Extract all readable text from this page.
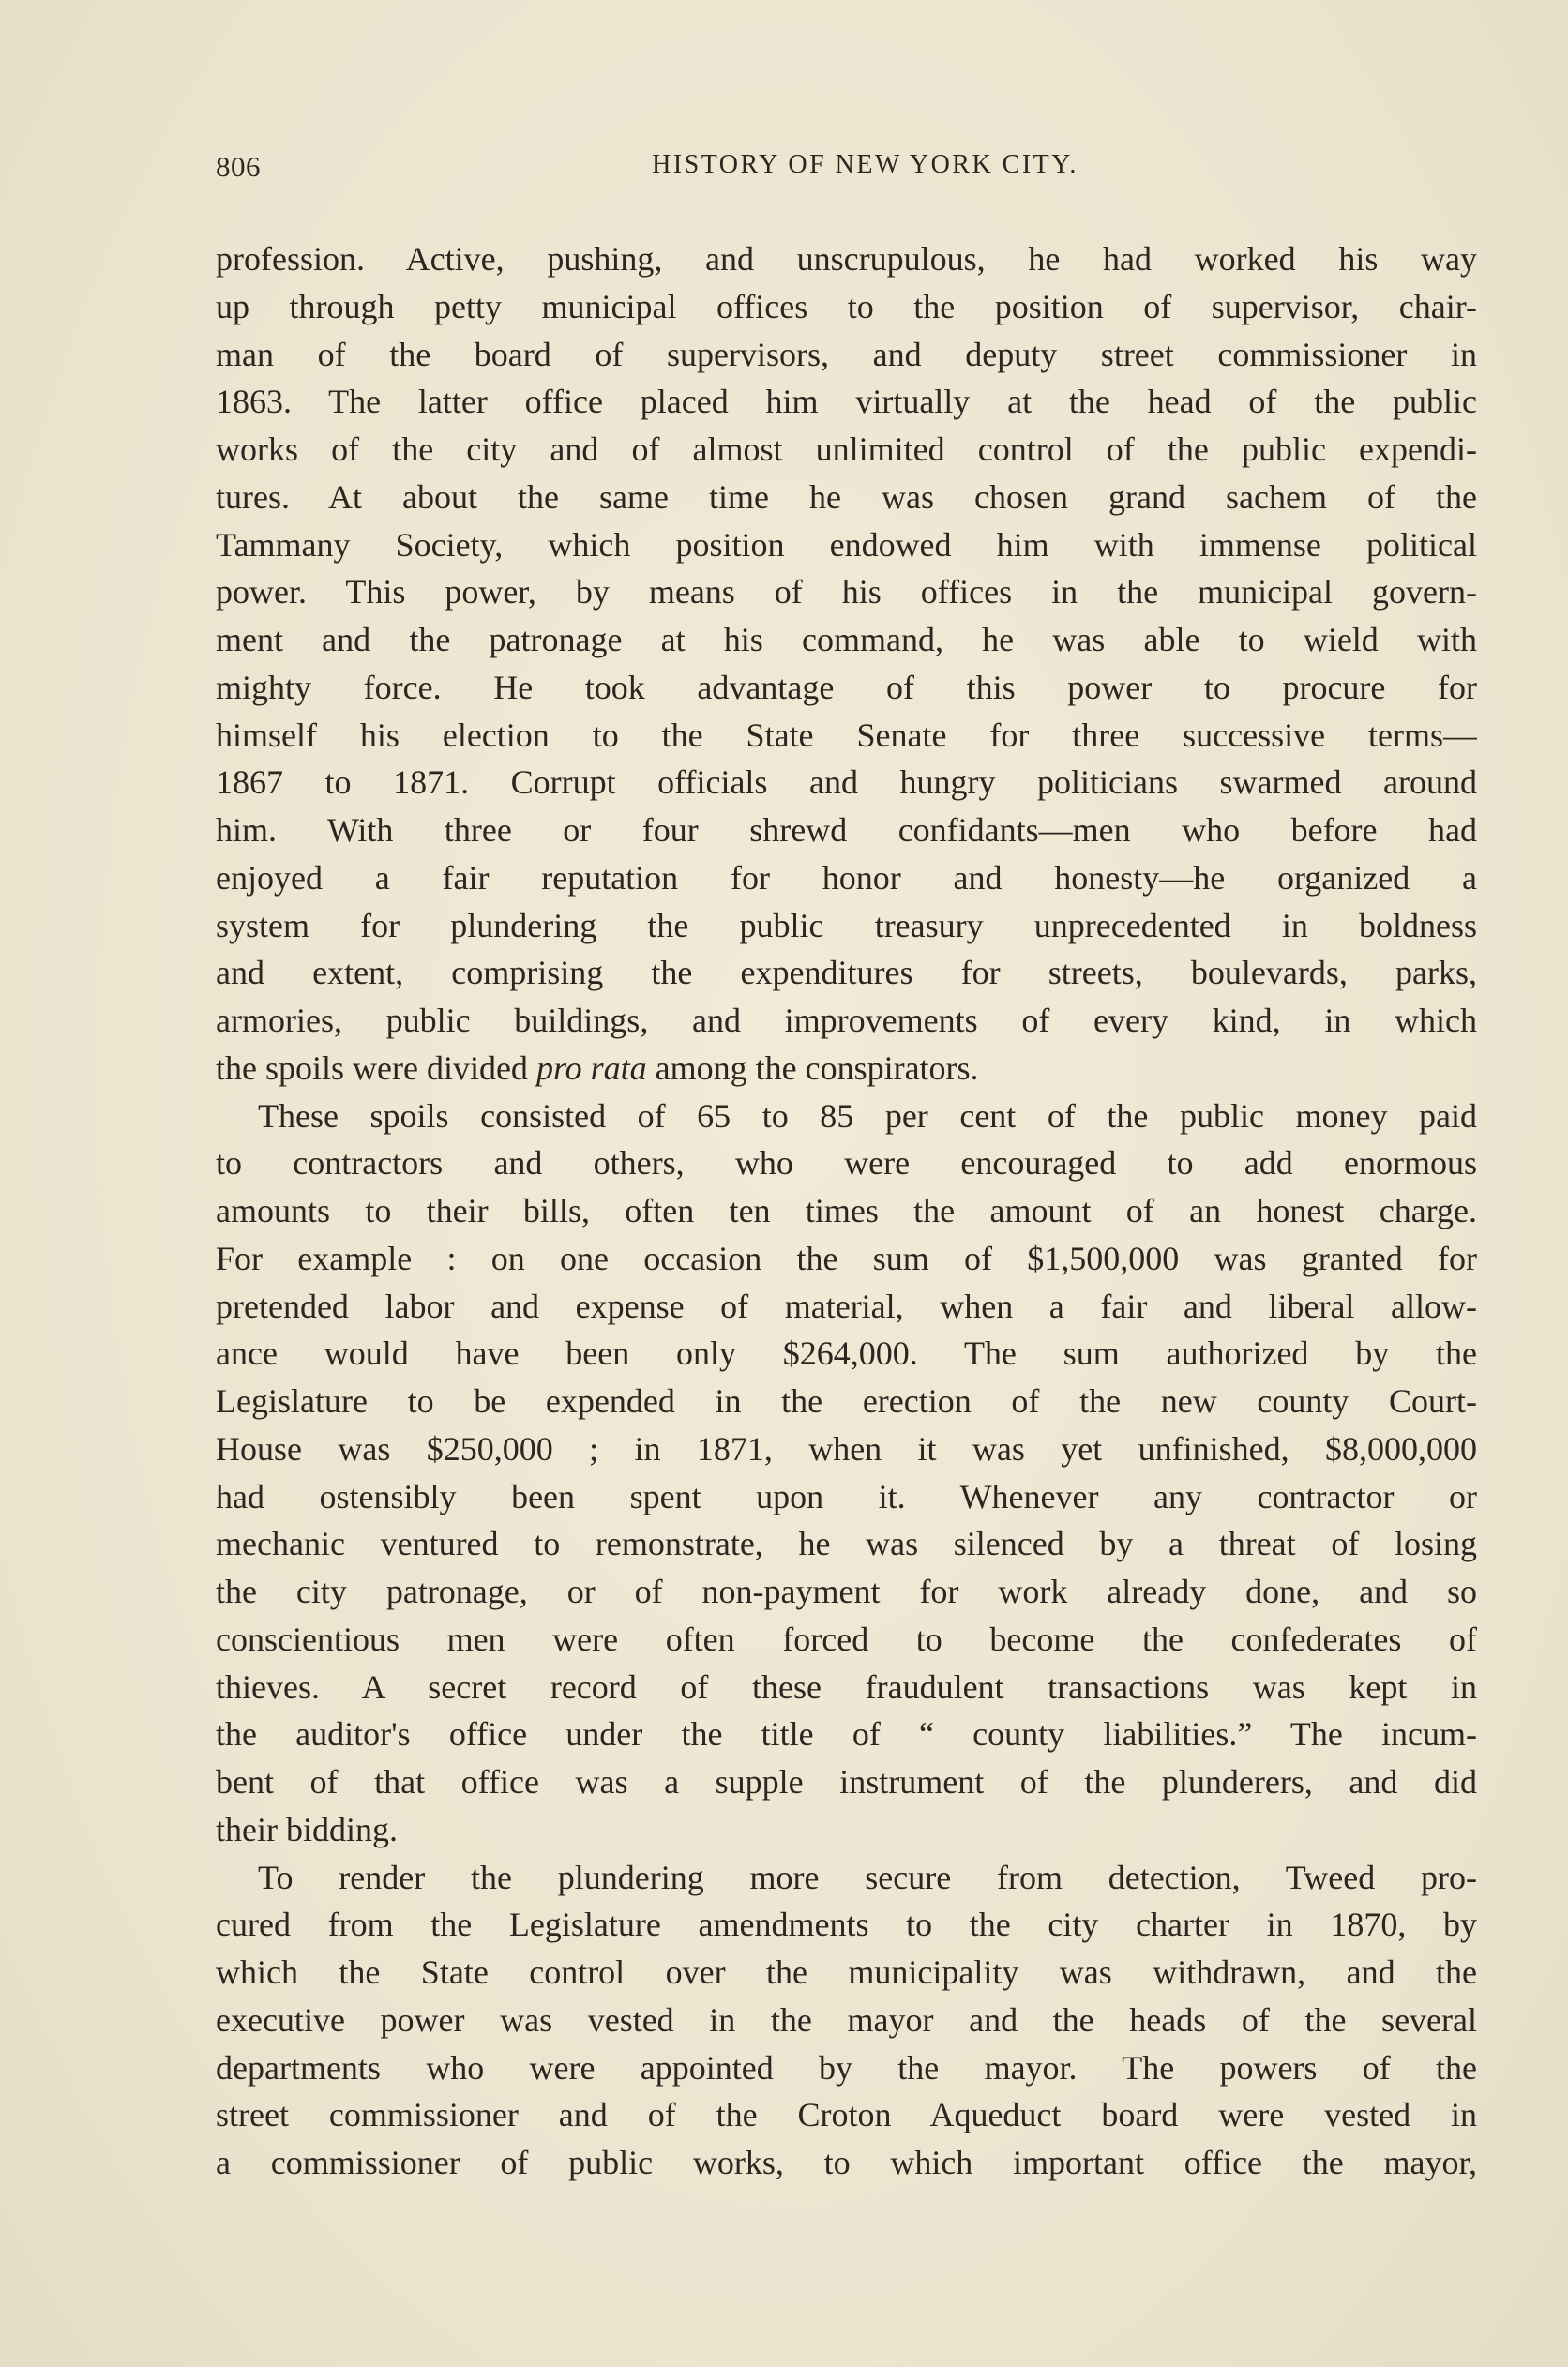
806	HISTORY OF NEW YORK CITY.
profession. Active, pushing, and unscrupulous, he had worked his way
up through petty municipal offices to the position of supervisor, chair-
man of the board of supervisors, and deputy street commissioner in
1863. The latter office placed him virtually at the head of the public
works of the city and of almost unlimited control of the public expendi-
tures. At about the same time he was chosen grand sachem of the
Tammany Society, which position endowed him with immense political
power. This power, by means of his offices in the municipal govern-
ment and the patronage at his command, he was able to wield with
mighty force. He took advantage of this power to procure for
himself his election to the State Senate for three successive terms—
1867 to 1871. Corrupt officials and hungry politicians swarmed around
him. With three or four shrewd confidants—men who before had
enjoyed a fair reputation for honor and honesty—he organized a
system for plundering the public treasury unprecedented in boldness
and extent, comprising the expenditures for streets, boulevards, parks,
armories, public buildings, and improvements of every kind, in which
the spoils were divided pro rata among the conspirators.
These spoils consisted of 65 to 85 per cent of the public money paid
to contractors and others, who were encouraged to add enormous
amounts to their bills, often ten times the amount of an honest charge.
For example : on one occasion the sum of $1,500,000 was granted for
pretended labor and expense of material, when a fair and liberal allow-
ance would have been only $264,000. The sum authorized by the
Legislature to be expended in the erection of the new county Court-
House was $250,000 ; in 1871, when it was yet unfinished, $8,000,000
had ostensibly been spent upon it. Whenever any contractor or
mechanic ventured to remonstrate, he was silenced by a threat of losing
the city patronage, or of non-payment for work already done, and so
conscientious men were often forced to become the confederates of
thieves. A secret record of these fraudulent transactions was kept in
the auditor's office under the title of “ county liabilities.” The incum-
bent of that office was a supple instrument of the plunderers, and did
their bidding.
To render the plundering more secure from detection, Tweed pro-
cured from the Legislature amendments to the city charter in 1870, by
which the State control over the municipality was withdrawn, and the
executive power was vested in the mayor and the heads of the several
departments who were appointed by the mayor. The powers of the
street commissioner and of the Croton Aqueduct board were vested in
a commissioner of public works, to which important office the mayor,
